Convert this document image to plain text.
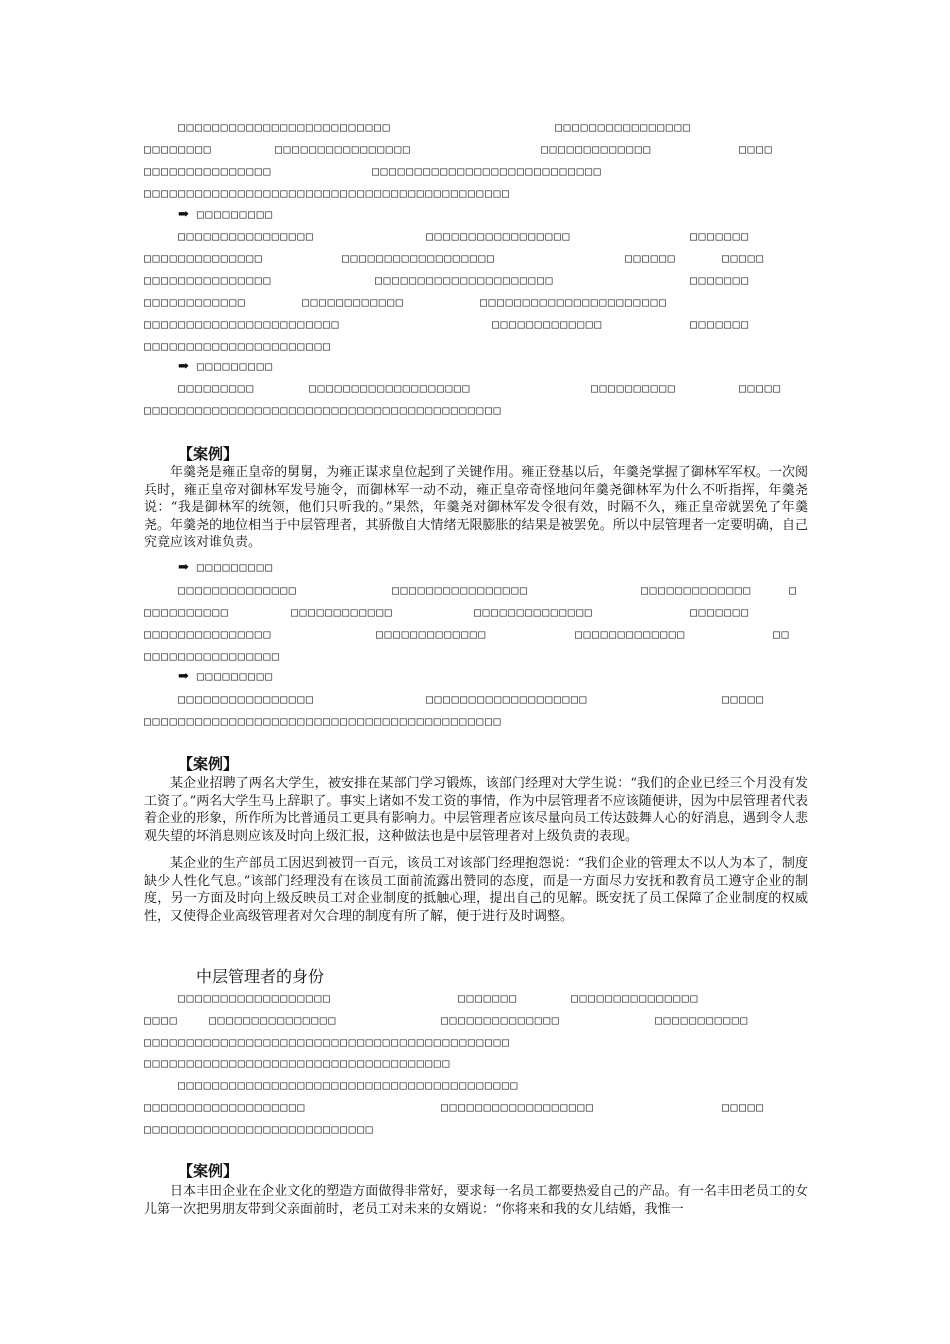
□□□□□□□□□□□□□□□□□□□□□□□□□	□□□□□□□□□□□□□□□□
□□□□□□□□	□□□□□□□□□□□□□□□□	□□□□□□□□□□□□□	□□□□
□□□□□□□□□□□□□□□	□□□□□□□□□□□□□□□□□□□□□□□□□□□
□□□□□□□□□□□□□□□□□□□□□□□□□□□□□□□□□□□□□□□□□□□
➡ □□□□□□□□□
□□□□□□□□□□□□□□□□	□□□□□□□□□□□□□□□□□	□□□□□□□
□□□□□□□□□□□□□□	□□□□□□□□□□□□□□□□□□	□□□□□□	□□□□□
□□□□□□□□□□□□□□□	□□□□□□□□□□□□□□□□□□□□□	□□□□□□□
□□□□□□□□□□□□	□□□□□□□□□□□□	□□□□□□□□□□□□□□□□□□□□□□
□□□□□□□□□□□□□□□□□□□□□□□	□□□□□□□□□□□□□	□□□□□□□
□□□□□□□□□□□□□□□□□□□□□□
➡ □□□□□□□□□
□□□□□□□□□	□□□□□□□□□□□□□□□□□□□	□□□□□□□□□□	□□□□□
□□□□□□□□□□□□□□□□□□□□□□□□□□□□□□□□□□□□□□□□□□
【案例】

年羹尧是雍正皇帝的舅舅，为雍正谋求皇位起到了关键作用。雍正登基以后，年羹尧掌握了御林军军权。一次阅兵时，雍正皇帝对御林军发号施令，而御林军一动不动，雍正皇帝奇怪地问年羹尧御林军为什么不听指挥，年羹尧说：“我是御林军的统领，他们只听我的。”果然，年羹尧对御林军发令很有效，时隔不久，雍正皇帝就罢免了年羹尧。年羹尧的地位相当于中层管理者，其骄傲自大情绪无限膨胀的结果是被罢免。所以中层管理者一定要明确，自己究竟应该对谁负责。

➡ □□□□□□□□□
□□□□□□□□□□□□□□	□□□□□□□□□□□□□□□□	□□□□□□□□□□□□□	□
□□□□□□□□□□	□□□□□□□□□□□□	□□□□□□□□□□□□□□	□□□□□□□
□□□□□□□□□□□□□□□	□□□□□□□□□□□□□	□□□□□□□□□□□□□	□□
□□□□□□□□□□□□□□□□
➡ □□□□□□□□□
□□□□□□□□□□□□□□□□	□□□□□□□□□□□□□□□□□□□	□□□□□
□□□□□□□□□□□□□□□□□□□□□□□□□□□□□□□□□□□□□□□□□□
【案例】

某企业招聘了两名大学生，被安排在某部门学习锻炼，该部门经理对大学生说：“我们的企业已经三个月没有发工资了。”两名大学生马上辞职了。事实上诸如不发工资的事情，作为中层管理者不应该随便讲，因为中层管理者代表着企业的形象，所作所为比普通员工更具有影响力。中层管理者应该尽量向员工传达鼓舞人心的好消息，遇到令人悲观失望的坏消息则应该及时向上级汇报，这种做法也是中层管理者对上级负责的表现。

某企业的生产部员工因迟到被罚一百元，该员工对该部门经理抱怨说：“我们企业的管理太不以人为本了，制度缺少人性化气息。”该部门经理没有在该员工面前流露出赞同的态度，而是一方面尽力安抚和教育员工遵守企业的制度，另一方面及时向上级反映员工对企业制度的抵触心理，提出自己的见解。既安抚了员工保障了企业制度的权威性，又使得企业高级管理者对欠合理的制度有所了解，便于进行及时调整。

中层管理者的身份
□□□□□□□□□□□□□□□□□□	□□□□□□□	□□□□□□□□□□□□□□□
□□□□	□□□□□□□□□□□□□□□	□□□□□□□□□□□□□□	□□□□□□□□□□□
□□□□□□□□□□□□□□□□□□□□□□□□□□□□□□□□□□□□□□□□□□□
□□□□□□□□□□□□□□□□□□□□□□□□□□□□□□□□□□□□
□□□□□□□□□□□□□□□□□□□□□□□□□□□□□□□□□□□□□□□□
□□□□□□□□□□□□□□□□□□□	□□□□□□□□□□□□□□□□□□	□□□□□
□□□□□□□□□□□□□□□□□□□□□□□□□□□
【案例】

日本丰田企业在企业文化的塑造方面做得非常好，要求每一名员工都要热爱自己的产品。有一名丰田老员工的女儿第一次把男朋友带到父亲面前时，老员工对未来的女婿说：“你将来和我的女儿结婚，我惟一
